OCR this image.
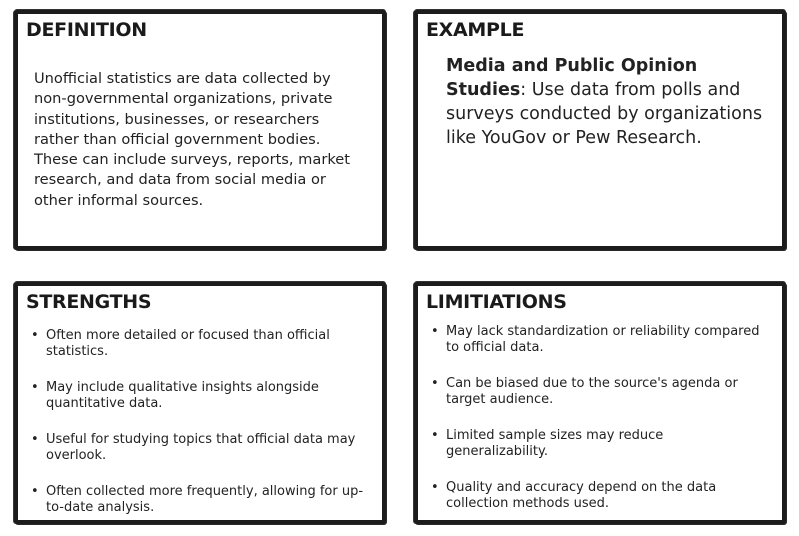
DEFINITION
Unofficial statistics are data collected by non-governmental organizations, private institutions, businesses, or researchers rather than official government bodies. These can include surveys, reports, market research, and data from social media or other informal sources.
EXAMPLE
Media and Public Opinion Studies: Use data from polls and surveys conducted by organizations like YouGov or Pew Research.
STRENGTHS
• Often more detailed or focused than official statistics.
• May include qualitative insights alongside quantitative data.
• Useful for studying topics that official data may overlook.
• Often collected more frequently, allowing for up-to-date analysis.
LIMITIATIONS
• May lack standardization or reliability compared to official data.
• Can be biased due to the source's agenda or target audience.
• Limited sample sizes may reduce generalizability.
• Quality and accuracy depend on the data collection methods used.
